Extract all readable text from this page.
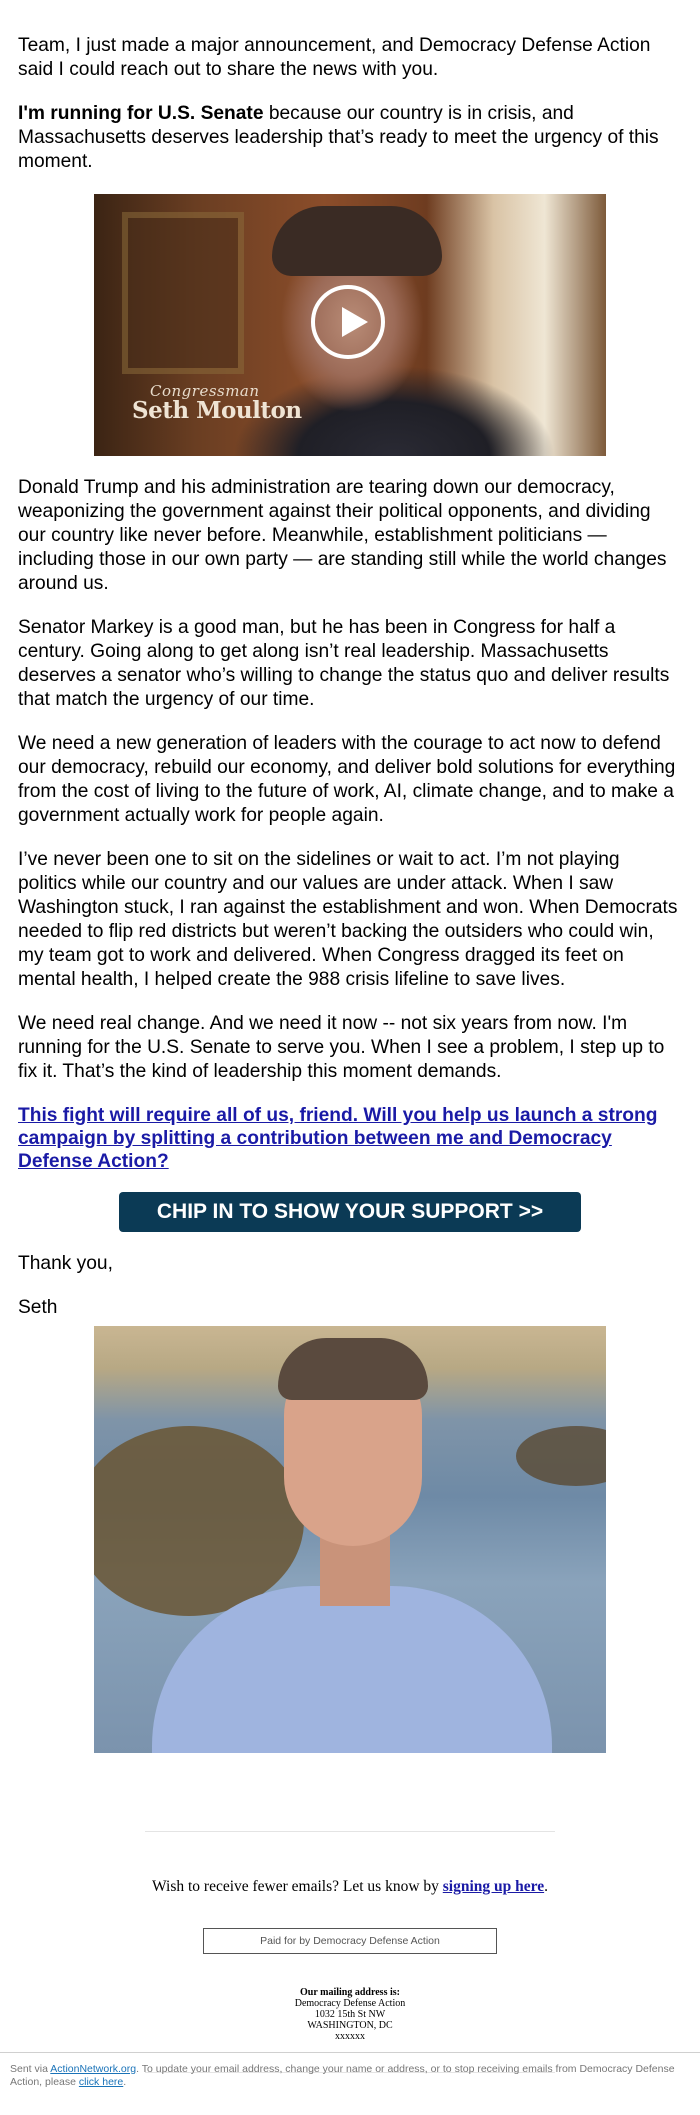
Team, I just made a major announcement, and Democracy Defense Action said I could reach out to share the news with you.

I'm running for U.S. Senate because our country is in crisis, and Massachusetts deserves leadership that’s ready to meet the urgency of this moment.

Congressman
Seth Moulton

Donald Trump and his administration are tearing down our democracy, weaponizing the government against their political opponents, and dividing our country like never before. Meanwhile, establishment politicians — including those in our own party — are standing still while the world changes around us.

Senator Markey is a good man, but he has been in Congress for half a century. Going along to get along isn’t real leadership. Massachusetts deserves a senator who’s willing to change the status quo and deliver results that match the urgency of our time.

We need a new generation of leaders with the courage to act now to defend our democracy, rebuild our economy, and deliver bold solutions for everything from the cost of living to the future of work, AI, climate change, and to make a government actually work for people again.

I’ve never been one to sit on the sidelines or wait to act. I’m not playing politics while our country and our values are under attack. When I saw Washington stuck, I ran against the establishment and won. When Democrats needed to flip red districts but weren’t backing the outsiders who could win, my team got to work and delivered. When Congress dragged its feet on mental health, I helped create the 988 crisis lifeline to save lives.

We need real change. And we need it now -- not six years from now. I'm running for the U.S. Senate to serve you. When I see a problem, I step up to fix it. That’s the kind of leadership this moment demands.

This fight will require all of us, friend. Will you help us launch a strong campaign by splitting a contribution between me and Democracy Defense Action?
CHIP IN TO SHOW YOUR SUPPORT >>

Thank you,

Seth

Wish to receive fewer emails? Let us know by signing up here.

Paid for by Democracy Defense Action
Our mailing address is:
Democracy Defense Action
1032 15th St NW
WASHINGTON, DC
xxxxxx
Sent via ActionNetwork.org. To update your email address, change your name or address, or to stop receiving emails from Democracy Defense Action, please click here.
